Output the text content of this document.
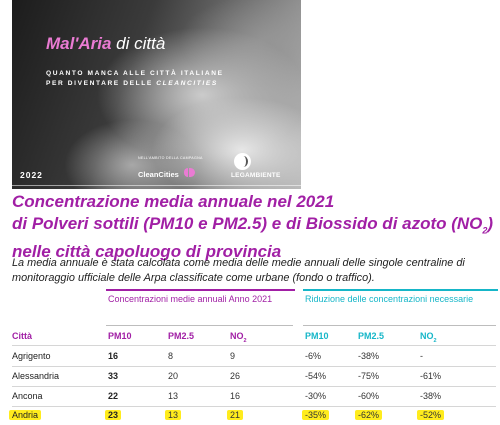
Mal'Aria di città
QUANTO MANCA ALLE CITTÀ ITALIANE
PER DIVENTARE DELLE CLEANCITIES
NELL'AMBITO DELLA CAMPAGNA
CleanCities	LEGAMBIENTE
2022
Concentrazione media annuale nel 2021
di Polveri sottili (PM10 e PM2.5) e di Biossido di azoto $(NO_2)$
nelle città capoluogo di provincia
La media annuale è stata calcolata come media delle medie annuali delle singole centraline di monitoraggio ufficiale delle Arpa classificate come urbane (fondo o traffico).
Concentrazioni medie annuali Anno 2021	Riduzione delle concentrazioni necessarie
Città	PM10	PM2.5	$NO_2$	PM10	PM2.5	$NO_2$
Agrigento	16	8	9	-6%	-38%	-
Alessandria	33	20	26	-54%	-75%	-61%
Ancona	22	13	16	-30%	-60%	-38%
Andria	23	13	21	-35%	-62%	-52%
